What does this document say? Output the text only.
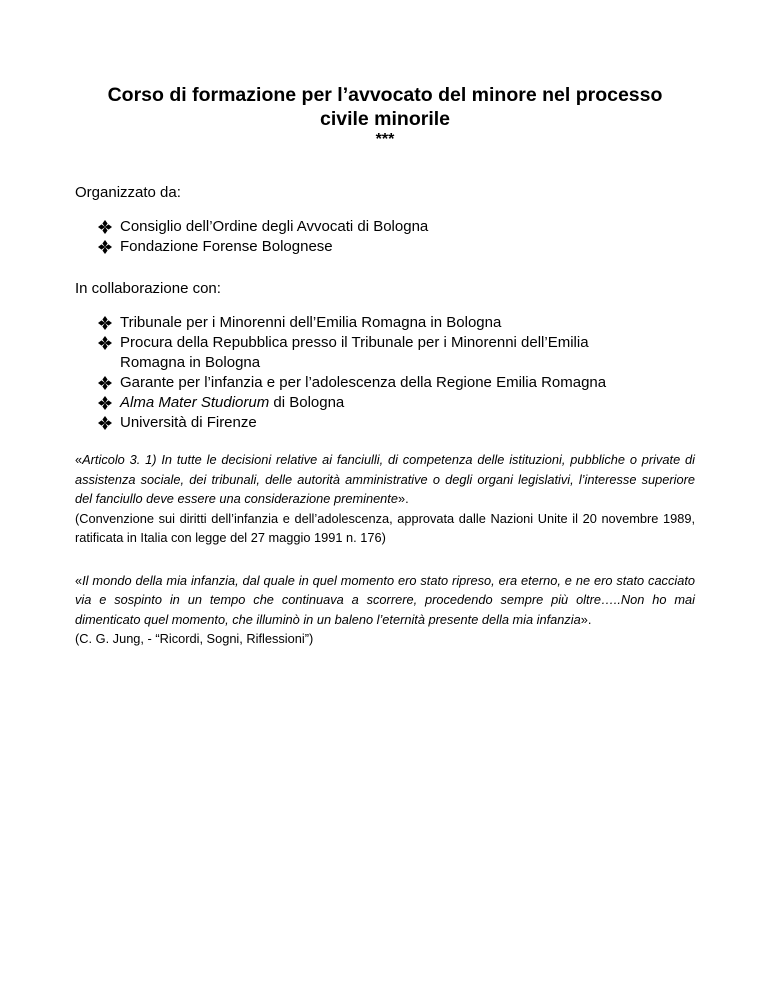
Corso di formazione per l’avvocato del minore nel processo
civile minorile

***

Organizzato da:

Consiglio dell’Ordine degli Avvocati di Bologna
Fondazione Forense Bolognese

In collaborazione con:

Tribunale per i Minorenni dell’Emilia Romagna in Bologna
Procura della Repubblica presso il Tribunale per i Minorenni dell’Emilia
Romagna in Bologna
Garante per l’infanzia e per l’adolescenza della Regione Emilia Romagna
Alma Mater Studiorum di Bologna
Università di Firenze

«Articolo 3. 1) In tutte le decisioni relative ai fanciulli, di competenza delle istituzioni, pubbliche o private di assistenza sociale, dei tribunali, delle autorità amministrative o degli organi legislativi, l’interesse superiore del fanciullo deve essere una considerazione preminente».

(Convenzione sui diritti dell’infanzia e dell’adolescenza, approvata dalle Nazioni Unite il 20 novembre 1989, ratificata in Italia con legge del 27 maggio 1991 n. 176)

«Il mondo della mia infanzia, dal quale in quel momento ero stato ripreso, era eterno, e ne ero stato cacciato via e sospinto in un tempo che continuava a scorrere, procedendo sempre più oltre…..Non ho mai dimenticato quel momento, che illuminò in un baleno l’eternità presente della mia infanzia».

(C. G. Jung, - “Ricordi, Sogni, Riflessioni”)
